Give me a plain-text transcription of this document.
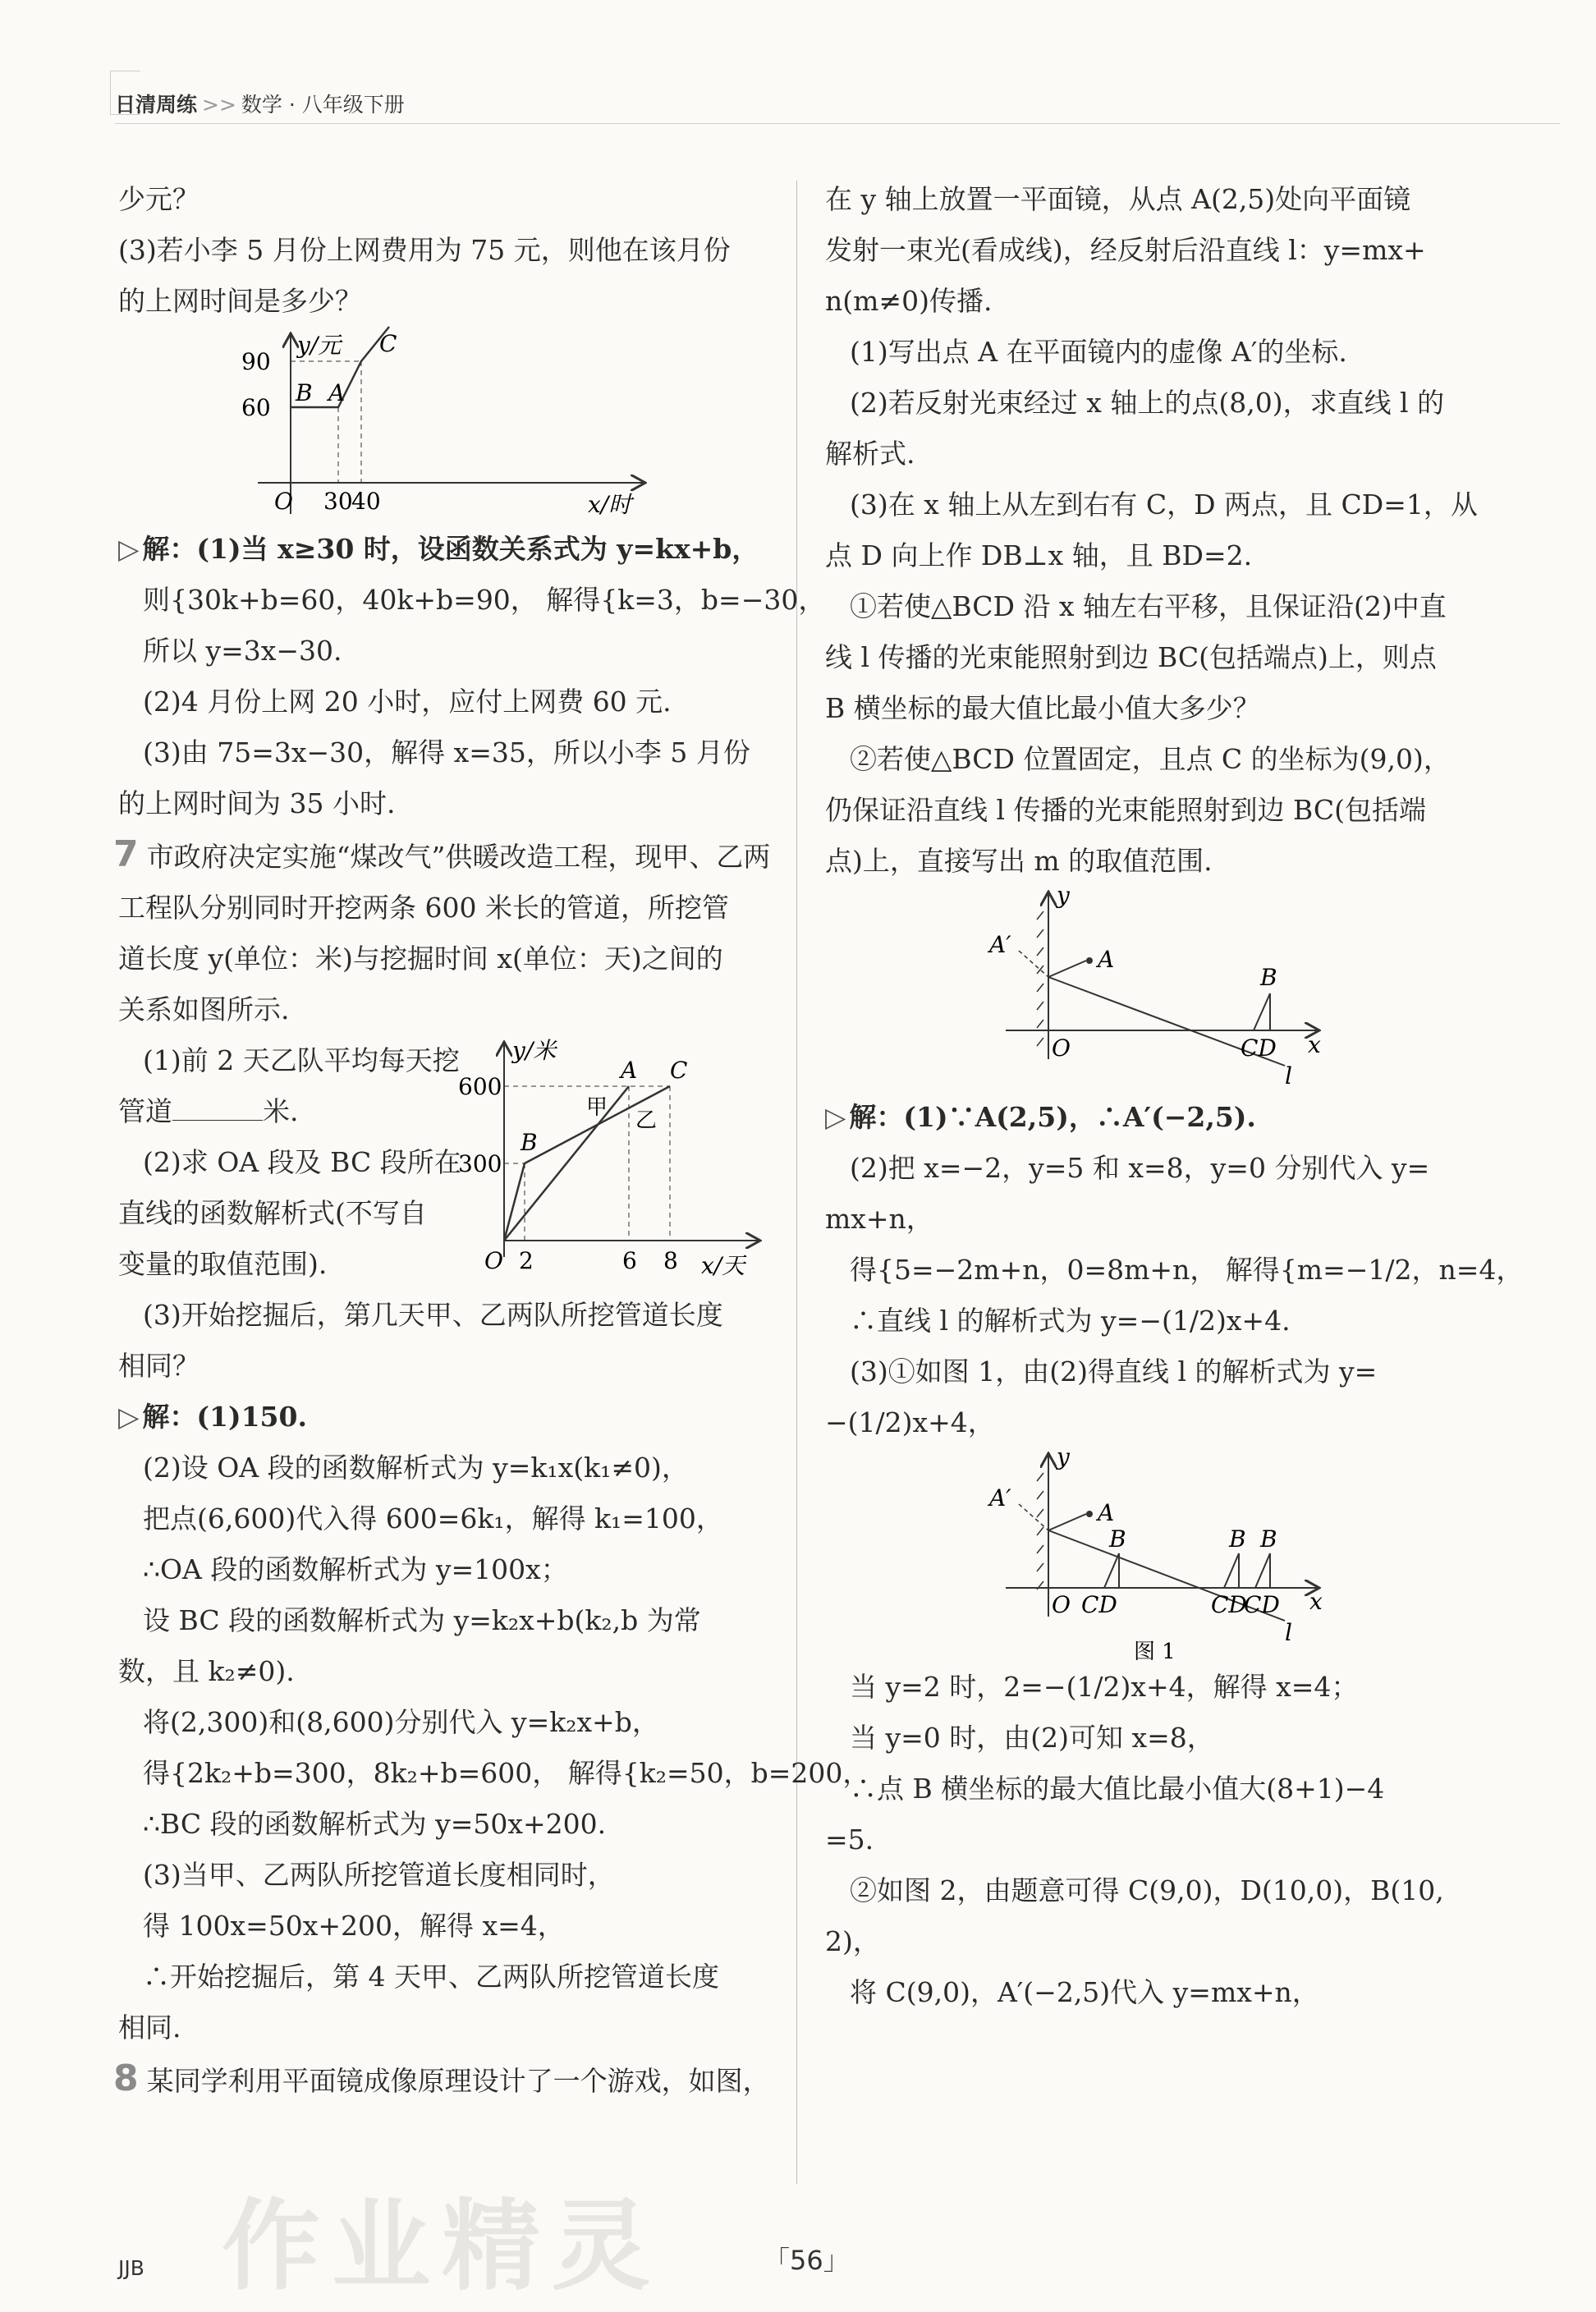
日清周练 >> 数学 · 八年级下册

少元？

(3)若小李 5 月份上网费用为 75 元，则他在该月份

的上网时间是多少？

y/元
90
60
B A
C
O 30
40	x/时

▷ 解：(1)当 x≥30 时，设函数关系式为 y=kx+b，

则{30k+b=60，40k+b=90， 解得{k=3，b=−30，

所以 y=3x−30.

(2)4 月份上网 20 小时，应付上网费 60 元.

(3)由 75=3x−30，解得 x=35，所以小李 5 月份

的上网时间为 35 小时.

7 市政府决定实施“煤改气”供暖改造工程，现甲、乙两

工程队分别同时开挖两条 600 米长的管道，所挖管

道长度 y(单位：米)与挖掘时间 x(单位：天)之间的

关系如图所示.

(1)前 2 天乙队平均每天挖

管道	米.

(2)求 OA 段及 BC 段所在

直线的函数解析式(不写自

变量的取值范围).

y/米
600
300
A C
B
甲
乙
O 2	6 8 x/天

(3)开始挖掘后，第几天甲、乙两队所挖管道长度

相同？

▷ 解：(1)150.

(2)设 OA 段的函数解析式为 y=k₁x(k₁≠0)，

把点(6,600)代入得 600=6k₁，解得 k₁=100，

∴OA 段的函数解析式为 y=100x；

设 BC 段的函数解析式为 y=k₂x+b(k₂,b 为常

数，且 k₂≠0).

将(2,300)和(8,600)分别代入 y=k₂x+b，

得{2k₂+b=300，8k₂+b=600， 解得{k₂=50，b=200，

∴BC 段的函数解析式为 y=50x+200.

(3)当甲、乙两队所挖管道长度相同时，

得 100x=50x+200，解得 x=4，

∴开始挖掘后，第 4 天甲、乙两队所挖管道长度

相同.

8 某同学利用平面镜成像原理设计了一个游戏，如图，

在 y 轴上放置一平面镜，从点 A(2,5)处向平面镜

发射一束光(看成线)，经反射后沿直线 l：y=mx+

n(m≠0)传播.

(1)写出点 A 在平面镜内的虚像 A′的坐标.

(2)若反射光束经过 x 轴上的点(8,0)，求直线 l 的

解析式.

(3)在 x 轴上从左到右有 C，D 两点，且 CD=1，从

点 D 向上作 DB⊥x 轴，且 BD=2.

①若使△BCD 沿 x 轴左右平移，且保证沿(2)中直

线 l 传播的光束能照射到边 BC(包括端点)上，则点

B 横坐标的最大值比最小值大多少？

②若使△BCD 位置固定，且点 C 的坐标为(9,0)，

仍保证沿直线 l 传播的光束能照射到边 BC(包括端

点)上，直接写出 m 的取值范围.

y
A′
A
B
CD
O	x
l

▷ 解：(1)∵A(2,5)，∴A′(−2,5).

(2)把 x=−2，y=5 和 x=8，y=0 分别代入 y=

mx+n，

得{5=−2m+n，0=8m+n， 解得{m=−1/2，n=4，

∴直线 l 的解析式为 y=−(1/2)x+4.

(3)①如图 1，由(2)得直线 l 的解析式为 y=

−(1/2)x+4，

y
A′
A
B	B B
O CD	CD
CD x
l
图 1

当 y=2 时，2=−(1/2)x+4，解得 x=4；

当 y=0 时，由(2)可知 x=8，

∴点 B 横坐标的最大值比最小值大(8+1)−4

=5.

②如图 2，由题意可得 C(9,0)，D(10,0)，B(10,

2)，

将 C(9,0)，A′(−2,5)代入 y=mx+n，

作业精灵
JJB	「56」
